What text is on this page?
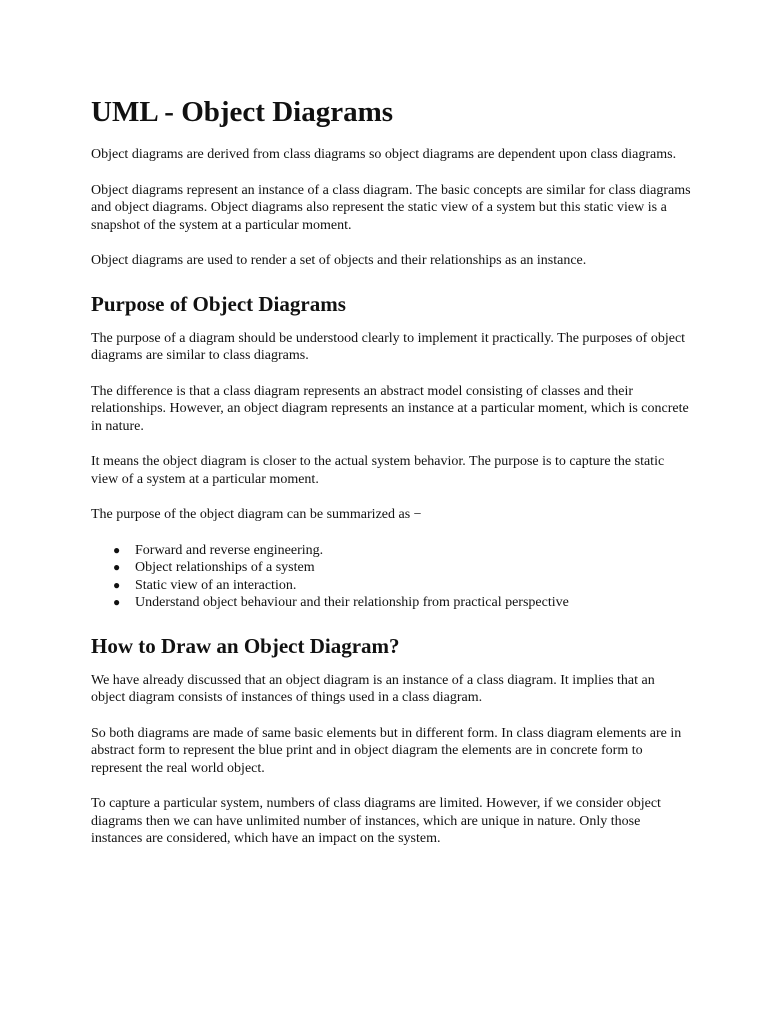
UML - Object Diagrams

Object diagrams are derived from class diagrams so object diagrams are dependent upon class diagrams.

Object diagrams represent an instance of a class diagram. The basic concepts are similar for class diagrams and object diagrams. Object diagrams also represent the static view of a system but this static view is a snapshot of the system at a particular moment.

Object diagrams are used to render a set of objects and their relationships as an instance.

Purpose of Object Diagrams

The purpose of a diagram should be understood clearly to implement it practically. The purposes of object diagrams are similar to class diagrams.

The difference is that a class diagram represents an abstract model consisting of classes and their relationships. However, an object diagram represents an instance at a particular moment, which is concrete in nature.

It means the object diagram is closer to the actual system behavior. The purpose is to capture the static view of a system at a particular moment.

The purpose of the object diagram can be summarized as −

● Forward and reverse engineering.
● Object relationships of a system
● Static view of an interaction.
● Understand object behaviour and their relationship from practical perspective
How to Draw an Object Diagram?

We have already discussed that an object diagram is an instance of a class diagram. It implies that an object diagram consists of instances of things used in a class diagram.

So both diagrams are made of same basic elements but in different form. In class diagram elements are in abstract form to represent the blue print and in object diagram the elements are in concrete form to represent the real world object.

To capture a particular system, numbers of class diagrams are limited. However, if we consider object diagrams then we can have unlimited number of instances, which are unique in nature. Only those instances are considered, which have an impact on the system.
